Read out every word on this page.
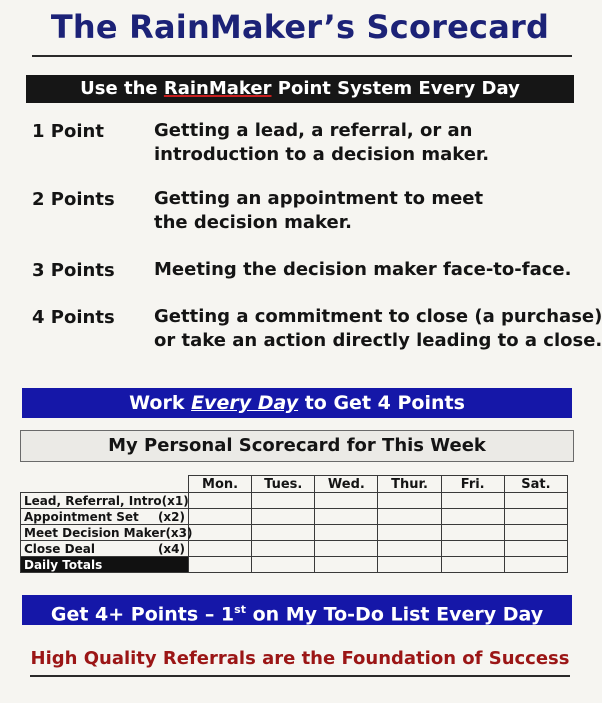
The RainMaker’s Scorecard
Use the RainMaker Point System Every Day
1 Point	Getting a lead, a referral, or an
introduction to a decision maker.
2 Points Getting an appointment to meet
the decision maker.
3 Points Meeting the decision maker face-to-face.
4 Points Getting a commitment to close (a purchase)
or take an action directly leading to a close.
Work Every Day to Get 4 Points
My Personal Scorecard for This Week
	Mon.	Tues.	Wed.	Thur.	Fri.	Sat.

Lead, Referral, Intro (x1)						

Appointment Set (x2)						

Meet Decision Maker (x3)						

Close Deal (x4)						

Daily Totals						
Get 4+ Points – 1st on My To-Do List Every Day
High Quality Referrals are the Foundation of Success
